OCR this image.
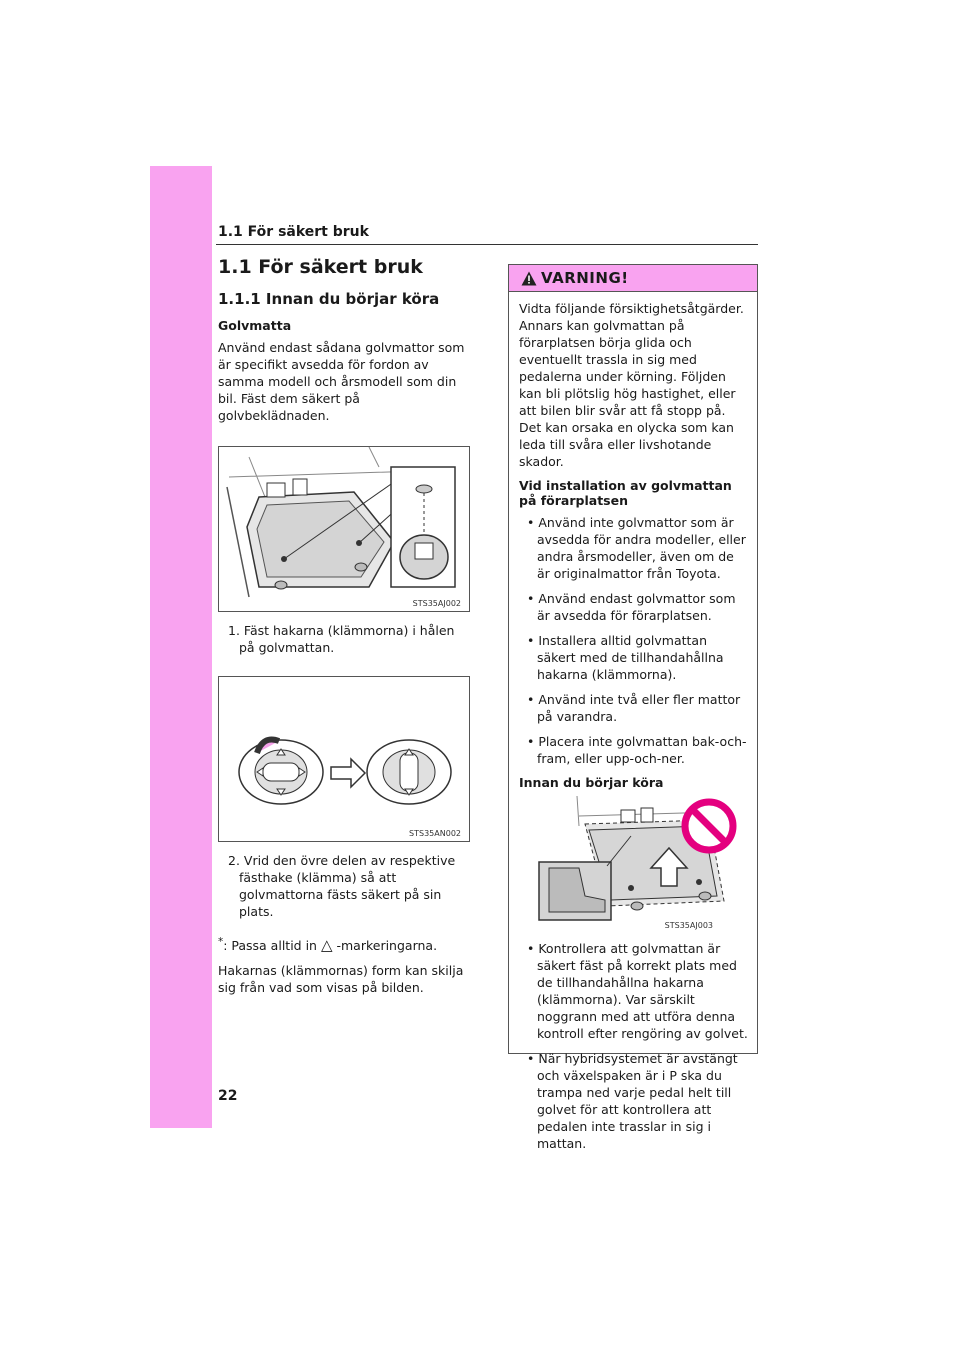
1.1 För säkert bruk
1.1 För säkert bruk
1.1.1 Innan du börjar köra
Golvmatta

Använd endast sådana golvmattor som är specifikt avsedda för fordon av samma modell och årsmodell som din bil. Fäst dem säkert på golvbeklädnaden.

STS35AJ002
1. Fäst hakarna (klämmorna) i hålen på golvmattan.
STS35AN002
2. Vrid den övre delen av respektive fästhake (klämma) så att golvmattorna fästs säkert på sin plats.

*: Passa alltid in △ -markeringarna.

Hakarnas (klämmornas) form kan skilja sig från vad som visas på bilden.

VARNING!

Vidta följande försiktighetsåtgärder. Annars kan golvmattan på förarplatsen börja glida och eventuellt trassla in sig med pedalerna under körning. Följden kan bli plötslig hög hastighet, eller att bilen blir svår att få stopp på. Det kan orsaka en olycka som kan leda till svåra eller livshotande skador.

Vid installation av golvmattan på förarplatsen
• Använd inte golvmattor som är avsedda för andra modeller, eller andra årsmodeller, även om de är originalmattor från Toyota.
• Använd endast golvmattor som är avsedda för förarplatsen.
• Installera alltid golvmattan säkert med de tillhandahållna hakarna (klämmorna).
• Använd inte två eller fler mattor på varandra.
• Placera inte golvmattan bak-och-fram, eller upp-och-ner.
Innan du börjar köra
STS35AJ003
• Kontrollera att golvmattan är säkert fäst på korrekt plats med de tillhandahållna hakarna (klämmorna). Var särskilt noggrann med att utföra denna kontroll efter rengöring av golvet.
• När hybridsystemet är avstängt och växelspaken är i P ska du trampa ned varje pedal helt till golvet för att kontrollera att pedalen inte trasslar in sig i mattan.
22
